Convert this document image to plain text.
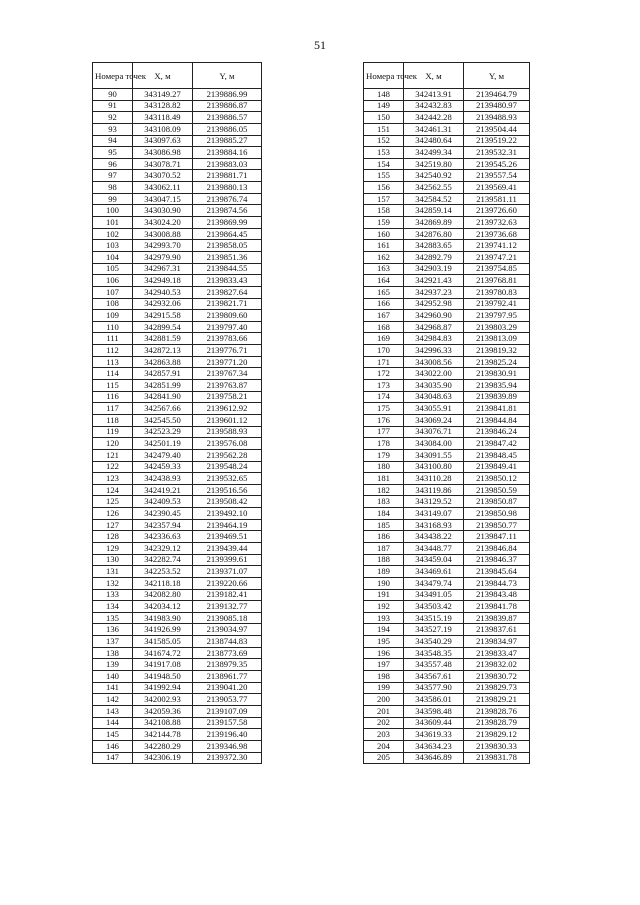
51
Номера точек	X, м	Y, м
90	343149.27	2139886.99
91	343128.82	2139886.87
92	343118.49	2139886.57
93	343108.09	2139886.05
94	343097.63	2139885.27
95	343086.98	2139884.16
96	343078.71	2139883.03
97	343070.52	2139881.71
98	343062.11	2139880.13
99	343047.15	2139876.74
100	343030.90	2139874.56
101	343024.20	2139869.99
102	343008.88	2139864.45
103	342993.70	2139858.05
104	342979.90	2139851.36
105	342967.31	2139844.55
106	342949.18	2139833.43
107	342940.53	2139827.64
108	342932.06	2139821.71
109	342915.58	2139809.60
110	342899.54	2139797.40
111	342881.59	2139783.66
112	342872.13	2139776.71
113	342863.88	2139771.20
114	342857.91	2139767.34
115	342851.99	2139763.87
116	342841.90	2139758.21
117	342567.66	2139612.92
118	342545.50	2139601.12
119	342523.29	2139588.93
120	342501.19	2139576.08
121	342479.40	2139562.28
122	342459.33	2139548.24
123	342438.93	2139532.65
124	342419.21	2139516.56
125	342409.53	2139508.42
126	342390.45	2139492.10
127	342357.94	2139464.19
128	342336.63	2139469.51
129	342329.12	2139439.44
130	342282.74	2139399.61
131	342253.52	2139371.07
132	342118.18	2139220.66
133	342082.80	2139182.41
134	342034.12	2139132.77
135	341983.90	2139085.18
136	341926.99	2139034.97
137	341585.05	2138744.83
138	341674.72	2138773.69
139	341917.08	2138979.35
140	341948.50	2138961.77
141	341992.94	2139041.20
142	342002.93	2139053.77
143	342059.36	2139107.09
144	342108.88	2139157.58
145	342144.78	2139196.40
146	342280.29	2139346.98
147	342306.19	2139372.30
Номера точек	X, м	Y, м
148	342413.91	2139464.79
149	342432.83	2139480.97
150	342442.28	2139488.93
151	342461.31	2139504.44
152	342480.64	2139519.22
153	342499.34	2139532.31
154	342519.80	2139545.26
155	342540.92	2139557.54
156	342562.55	2139569.41
157	342584.52	2139581.11
158	342859.14	2139726.60
159	342869.89	2139732.63
160	342876.80	2139736.68
161	342883.65	2139741.12
162	342892.79	2139747.21
163	342903.19	2139754.85
164	342921.43	2139768.81
165	342937.23	2139780.83
166	342952.98	2139792.41
167	342960.90	2139797.95
168	342968.87	2139803.29
169	342984.83	2139813.09
170	342996.33	2139819.32
171	343008.56	2139825.24
172	343022.00	2139830.91
173	343035.90	2139835.94
174	343048.63	2139839.89
175	343055.91	2139841.81
176	343069.24	2139844.84
177	343076.71	2139846.24
178	343084.00	2139847.42
179	343091.55	2139848.45
180	343100.80	2139849.41
181	343110.28	2139850.12
182	343119.86	2139850.59
183	343129.52	2139850.87
184	343149.07	2139850.98
185	343168.93	2139850.77
186	343438.22	2139847.11
187	343448.77	2139846.84
188	343459.04	2139846.37
189	343469.61	2139845.64
190	343479.74	2139844.73
191	343491.05	2139843.48
192	343503.42	2139841.78
193	343515.19	2139839.87
194	343527.19	2139837.61
195	343540.29	2139834.97
196	343548.35	2139833.47
197	343557.48	2139832.02
198	343567.61	2139830.72
199	343577.90	2139829.73
200	343586.01	2139829.21
201	343598.48	2139828.76
202	343609.44	2139828.79
203	343619.33	2139829.12
204	343634.23	2139830.33
205	343646.89	2139831.78
